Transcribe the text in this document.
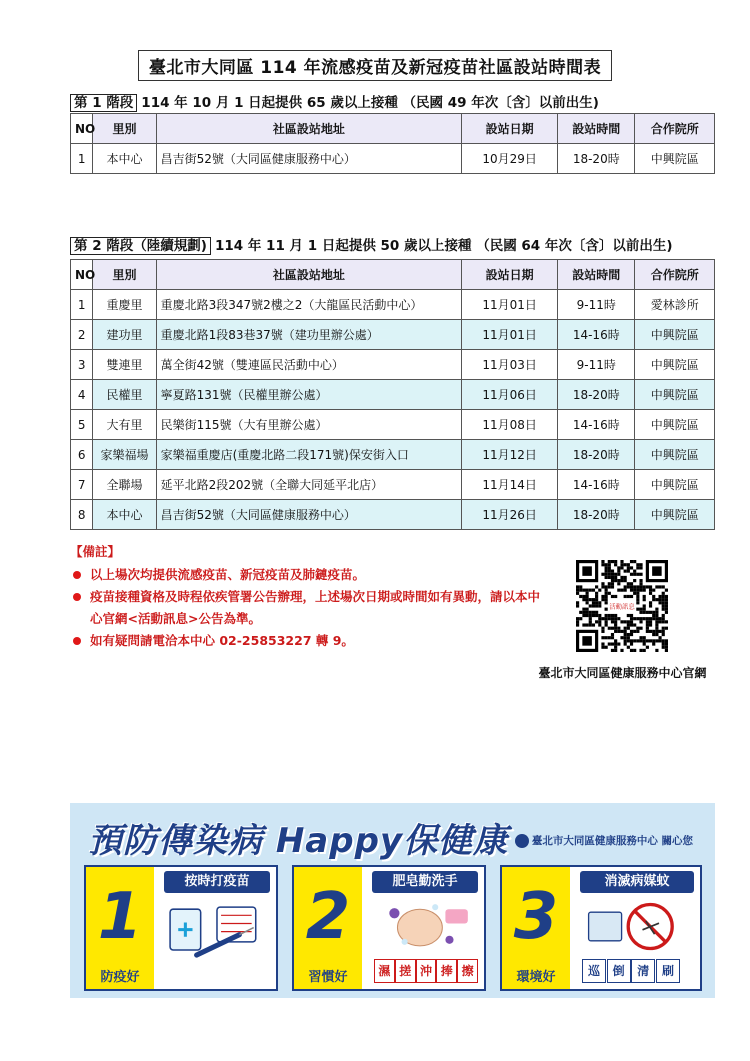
臺北市大同區 114 年流感疫苗及新冠疫苗社區設站時間表
第 1 階段 114 年 10 月 1 日起提供 65 歲以上接種 （民國 49 年次〔含〕以前出生)
NO	里別	社區設站地址	設站日期	設站時間	合作院所
1	本中心	昌吉街52號（大同區健康服務中心）	10月29日	18-20時	中興院區
第 2 階段（陸續規劃) 114 年 11 月 1 日起提供 50 歲以上接種 （民國 64 年次〔含〕以前出生)
NO	里別	社區設站地址	設站日期	設站時間	合作院所
1	重慶里	重慶北路3段347號2樓之2（大龍區民活動中心）	11月01日	9-11時	愛林診所
2	建功里	重慶北路1段83巷37號（建功里辦公處）	11月01日	14-16時	中興院區
3	雙連里	萬全街42號（雙連區民活動中心）	11月03日	9-11時	中興院區
4	民權里	寧夏路131號（民權里辦公處）	11月06日	18-20時	中興院區
5	大有里	民樂街115號（大有里辦公處）	11月08日	14-16時	中興院區
6	家樂福場	家樂福重慶店(重慶北路二段171號)保安街入口	11月12日	18-20時	中興院區
7	全聯場	延平北路2段202號（全聯大同延平北店）	11月14日	14-16時	中興院區
8	本中心	昌吉街52號（大同區健康服務中心）	11月26日	18-20時	中興院區
【備註】
以上場次均提供流感疫苗、新冠疫苗及肺鏈疫苗。
疫苗接種資格及時程依疾管署公告辦理，上述場次日期或時間如有異動，請以本中心官網<活動訊息>公告為準。
如有疑問請電洽本中心 02-25853227 轉 9。
活動訊息
臺北市大同區健康服務中心官網
預防傳染病 Happy保健康	臺北市大同區健康服務中心 關心您
1
防疫好
按時打疫苗 2
習慣好
肥皂勤洗手
濕 搓 沖 捧 擦
3
環境好
消滅病媒蚊
巡	倒	清	刷
